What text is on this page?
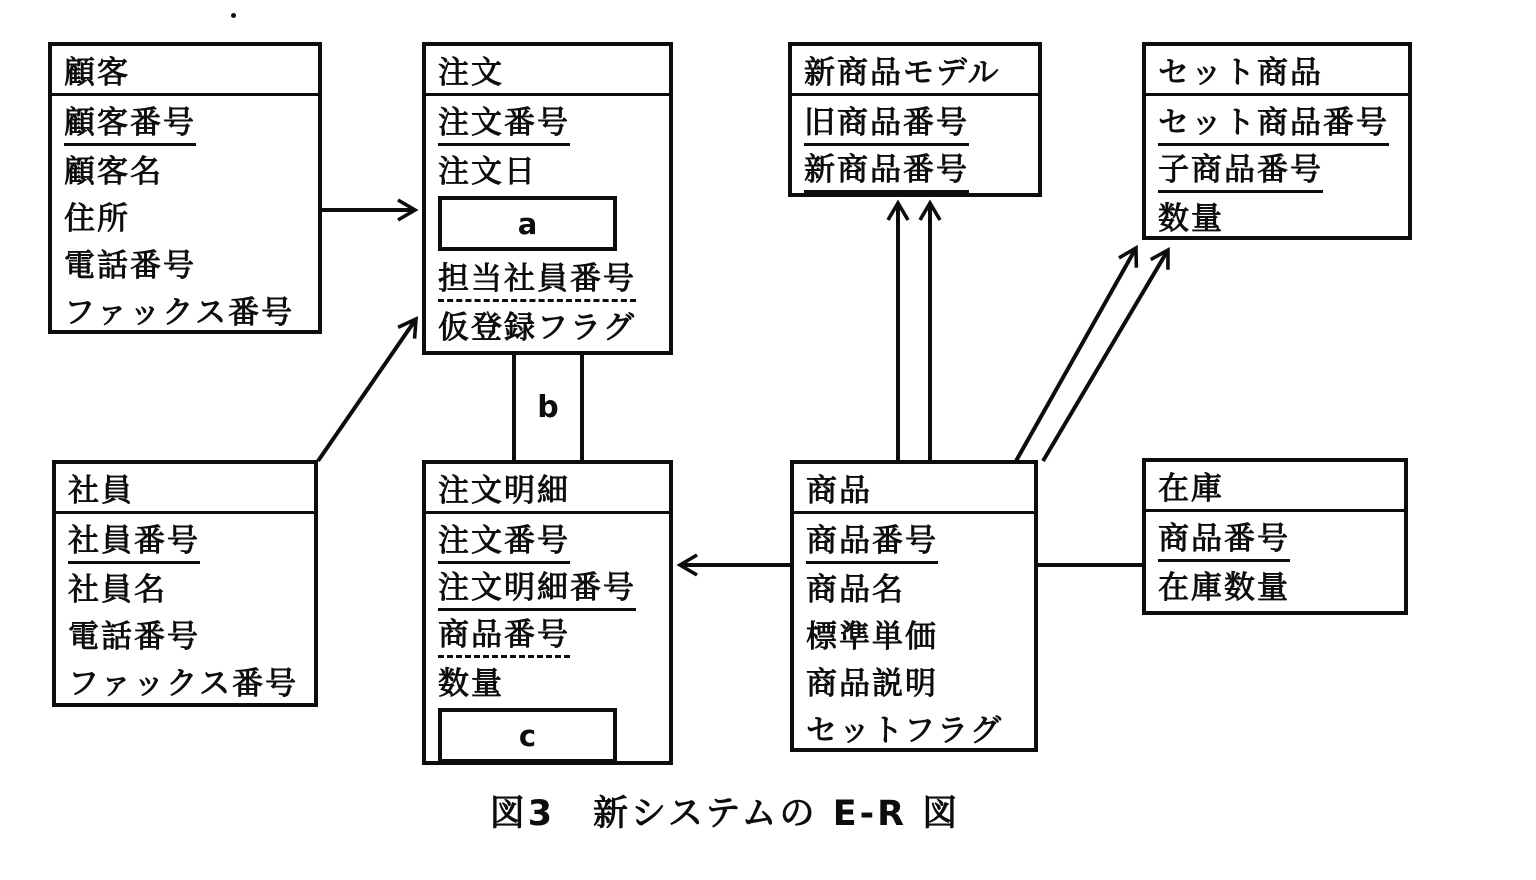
顧客
顧客番号
顧客名
住所
電話番号
ファックス番号
注文
注文番号
注文日
a
担当社員番号
仮登録フラグ
新商品モデル
旧商品番号
新商品番号
セット商品
セット商品番号
子商品番号
数量
社員
社員番号
社員名
電話番号
ファックス番号
注文明細
注文番号
注文明細番号
商品番号
数量
c
商品
商品番号
商品名
標準単価
商品説明
セットフラグ
在庫
商品番号
在庫数量
b
図3　新システムの E-R 図
